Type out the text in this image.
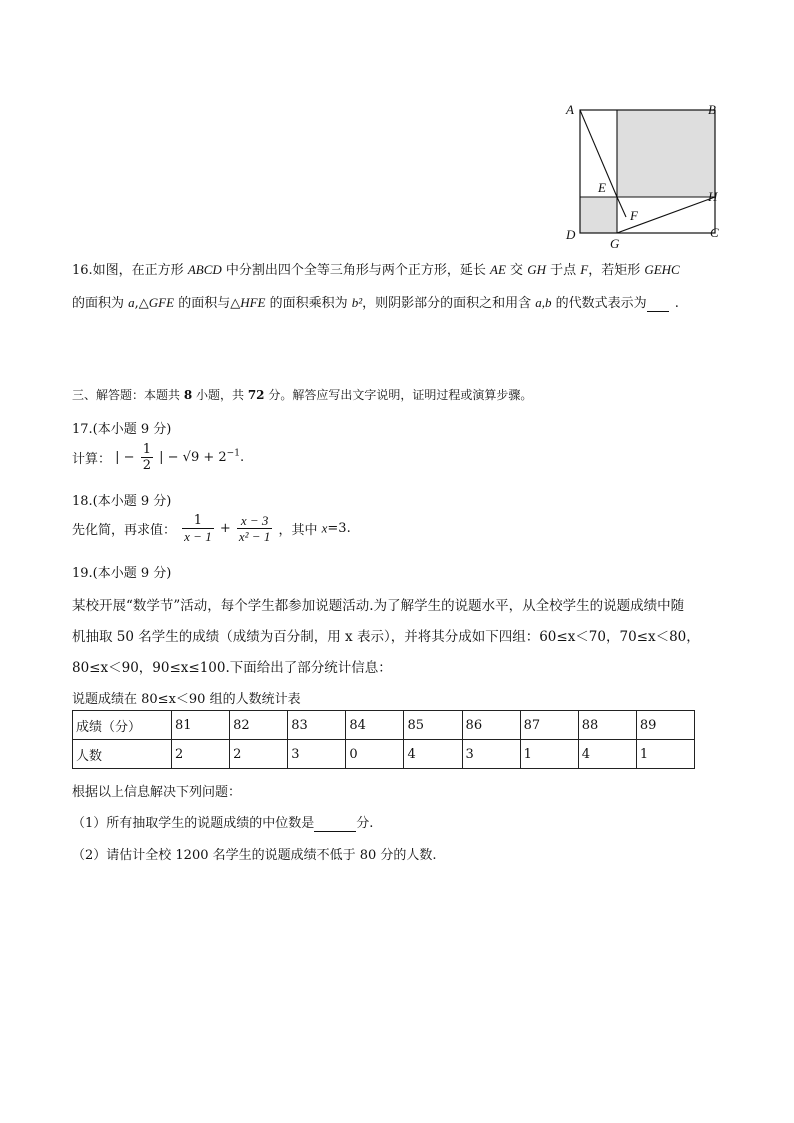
A	B
C
D
E
F
G
H
16.如图，在正方形 ABCD 中分割出四个全等三角形与两个正方形，延长 AE 交 GH 于点 F，若矩形 GEHC
的面积为 a,△GFE 的面积与△HFE 的面积乘积为 b²，则阴影部分的面积之和用含 a,b 的代数式表示为 .
三、解答题：本题共 8 小题，共 72 分。解答应写出文字说明，证明过程或演算步骤。
17.(本小题 9 分)
计算： | − $\frac{1}{2}$ | − $√9 + 2^{-1}$.
18.(本小题 9 分)
先化简，再求值： $\frac{1}{x - 1} + \frac{x - 3}{\text{x² − 1}}$ ，其中 x=3.
19.(本小题 9 分)
某校开展“数学节”活动，每个学生都参加说题活动.为了解学生的说题水平，从全校学生的说题成绩中随
机抽取 50 名学生的成绩（成绩为百分制，用 x 表示），并将其分成如下四组：60≤x＜70，70≤x＜80，
80≤x＜90，90≤x≤100.下面给出了部分统计信息：
说题成绩在 80≤x＜90 组的人数统计表
成绩（分）	81	82	83	84	85	86	87	88	89
人数	2	2	3	0	4	3	1	4	1
根据以上信息解决下列问题：
（1）所有抽取学生的说题成绩的中位数是	分.
（2）请估计全校 1200 名学生的说题成绩不低于 80 分的人数.
